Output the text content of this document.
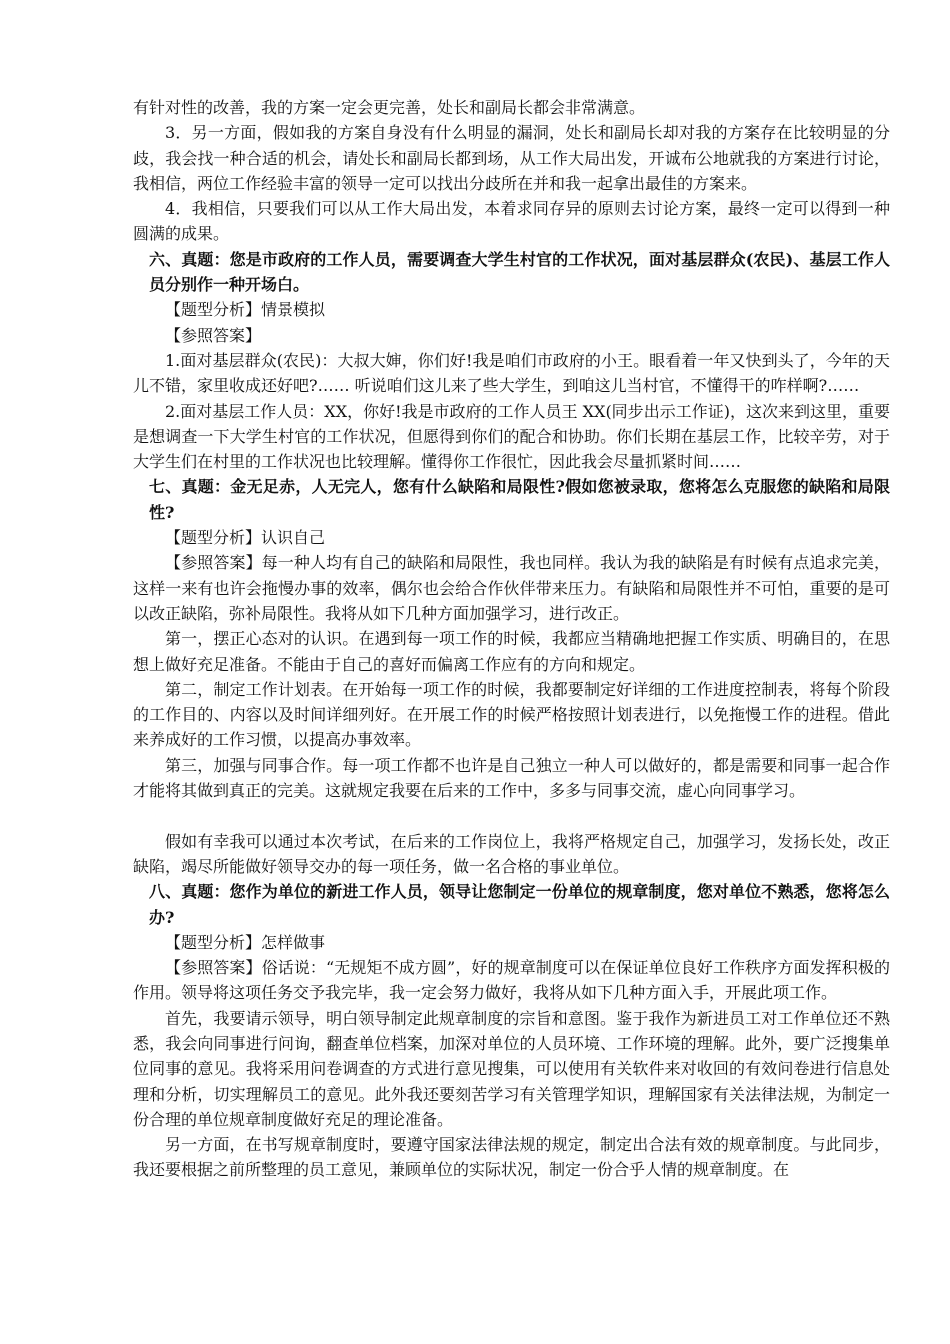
有针对性的改善，我的方案一定会更完善，处长和副局长都会非常满意。

3．另一方面，假如我的方案自身没有什么明显的漏洞，处长和副局长却对我的方案存在比较明显的分歧，我会找一种合适的机会，请处长和副局长都到场，从工作大局出发，开诚布公地就我的方案进行讨论，我相信，两位工作经验丰富的领导一定可以找出分歧所在并和我一起拿出最佳的方案来。

4．我相信，只要我们可以从工作大局出发，本着求同存异的原则去讨论方案，最终一定可以得到一种圆满的成果。

六、真题：您是市政府的工作人员，需要调查大学生村官的工作状况，面对基层群众(农民)、基层工作人员分别作一种开场白。

【题型分析】情景模拟

【参照答案】

1.面对基层群众(农民)：大叔大婶，你们好!我是咱们市政府的小王。眼看着一年又快到头了，今年的天儿不错，家里收成还好吧?…… 听说咱们这儿来了些大学生，到咱这儿当村官，不懂得干的咋样啊?……

2.面对基层工作人员：XX，你好!我是市政府的工作人员王 XX(同步出示工作证)，这次来到这里，重要是想调查一下大学生村官的工作状况，但愿得到你们的配合和协助。你们长期在基层工作，比较辛劳，对于大学生们在村里的工作状况也比较理解。懂得你工作很忙，因此我会尽量抓紧时间……

七、真题：金无足赤，人无完人，您有什么缺陷和局限性?假如您被录取，您将怎么克服您的缺陷和局限性?

【题型分析】认识自己

【参照答案】每一种人均有自己的缺陷和局限性，我也同样。我认为我的缺陷是有时候有点追求完美，这样一来有也许会拖慢办事的效率，偶尔也会给合作伙伴带来压力。有缺陷和局限性并不可怕，重要的是可以改正缺陷，弥补局限性。我将从如下几种方面加强学习，进行改正。

第一，摆正心态对的认识。在遇到每一项工作的时候，我都应当精确地把握工作实质、明确目的，在思想上做好充足准备。不能由于自己的喜好而偏离工作应有的方向和规定。

第二，制定工作计划表。在开始每一项工作的时候，我都要制定好详细的工作进度控制表，将每个阶段的工作目的、内容以及时间详细列好。在开展工作的时候严格按照计划表进行，以免拖慢工作的进程。借此来养成好的工作习惯，以提高办事效率。

第三，加强与同事合作。每一项工作都不也许是自己独立一种人可以做好的，都是需要和同事一起合作才能将其做到真正的完美。这就规定我要在后来的工作中，多多与同事交流，虚心向同事学习。

假如有幸我可以通过本次考试，在后来的工作岗位上，我将严格规定自己，加强学习，发扬长处，改正缺陷，竭尽所能做好领导交办的每一项任务，做一名合格的事业单位。

八、真题：您作为单位的新进工作人员，领导让您制定一份单位的规章制度，您对单位不熟悉，您将怎么办?

【题型分析】怎样做事

【参照答案】俗话说：“无规矩不成方圆”，好的规章制度可以在保证单位良好工作秩序方面发挥积极的作用。领导将这项任务交予我完毕，我一定会努力做好，我将从如下几种方面入手，开展此项工作。

首先，我要请示领导，明白领导制定此规章制度的宗旨和意图。鉴于我作为新进员工对工作单位还不熟悉，我会向同事进行问询，翻查单位档案，加深对单位的人员环境、工作环境的理解。此外，要广泛搜集单位同事的意见。我将采用问卷调查的方式进行意见搜集，可以使用有关软件来对收回的有效问卷进行信息处理和分析，切实理解员工的意见。此外我还要刻苦学习有关管理学知识，理解国家有关法律法规，为制定一份合理的单位规章制度做好充足的理论准备。

另一方面，在书写规章制度时，要遵守国家法律法规的规定，制定出合法有效的规章制度。与此同步，我还要根据之前所整理的员工意见，兼顾单位的实际状况，制定一份合乎人情的规章制度。在
